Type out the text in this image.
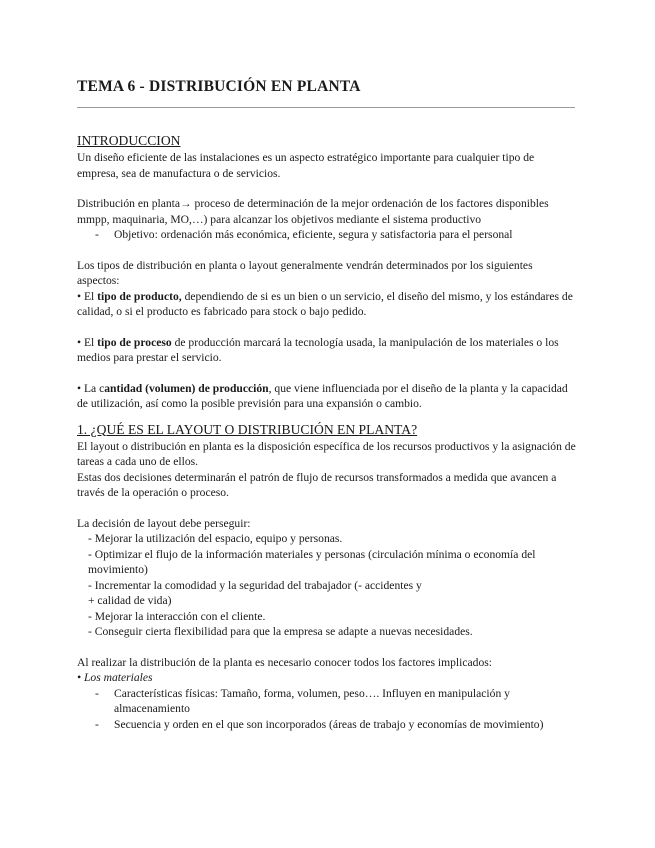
TEMA 6 - DISTRIBUCIÓN EN PLANTA

INTRODUCCION

Un diseño eficiente de las instalaciones es un aspecto estratégico importante para cualquier tipo de empresa, sea de manufactura o de servicios.

Distribución en planta→ proceso de determinación de la mejor ordenación de los factores disponibles mmpp, maquinaria, MO,…) para alcanzar los objetivos mediante el sistema productivo

- Objetivo: ordenación más económica, eficiente, segura y satisfactoria para el personal

Los tipos de distribución en planta o layout generalmente vendrán determinados por los siguientes aspectos:

• El tipo de producto, dependiendo de si es un bien o un servicio, el diseño del mismo, y los estándares de calidad, o si el producto es fabricado para stock o bajo pedido.

• El tipo de proceso de producción marcará la tecnología usada, la manipulación de los materiales o los medios para prestar el servicio.

• La cantidad (volumen) de producción, que viene influenciada por el diseño de la planta y la capacidad de utilización, así como la posible previsión para una expansión o cambio.

1. ¿QUÉ ES EL LAYOUT O DISTRIBUCIÓN EN PLANTA?

El layout o distribución en planta es la disposición específica de los recursos productivos y la asignación de tareas a cada uno de ellos.

Estas dos decisiones determinarán el patrón de flujo de recursos transformados a medida que avancen a través de la operación o proceso.

La decisión de layout debe perseguir:

- Mejorar la utilización del espacio, equipo y personas.

- Optimizar el flujo de la información materiales y personas (circulación mínima o economía del movimiento)

- Incrementar la comodidad y la seguridad del trabajador (- accidentes y

+ calidad de vida)

- Mejorar la interacción con el cliente.

- Conseguir cierta flexibilidad para que la empresa se adapte a nuevas necesidades.

Al realizar la distribución de la planta es necesario conocer todos los factores implicados:

• Los materiales

- Características físicas: Tamaño, forma, volumen, peso…. Influyen en manipulación y almacenamiento

- Secuencia y orden en el que son incorporados (áreas de trabajo y economías de movimiento)
